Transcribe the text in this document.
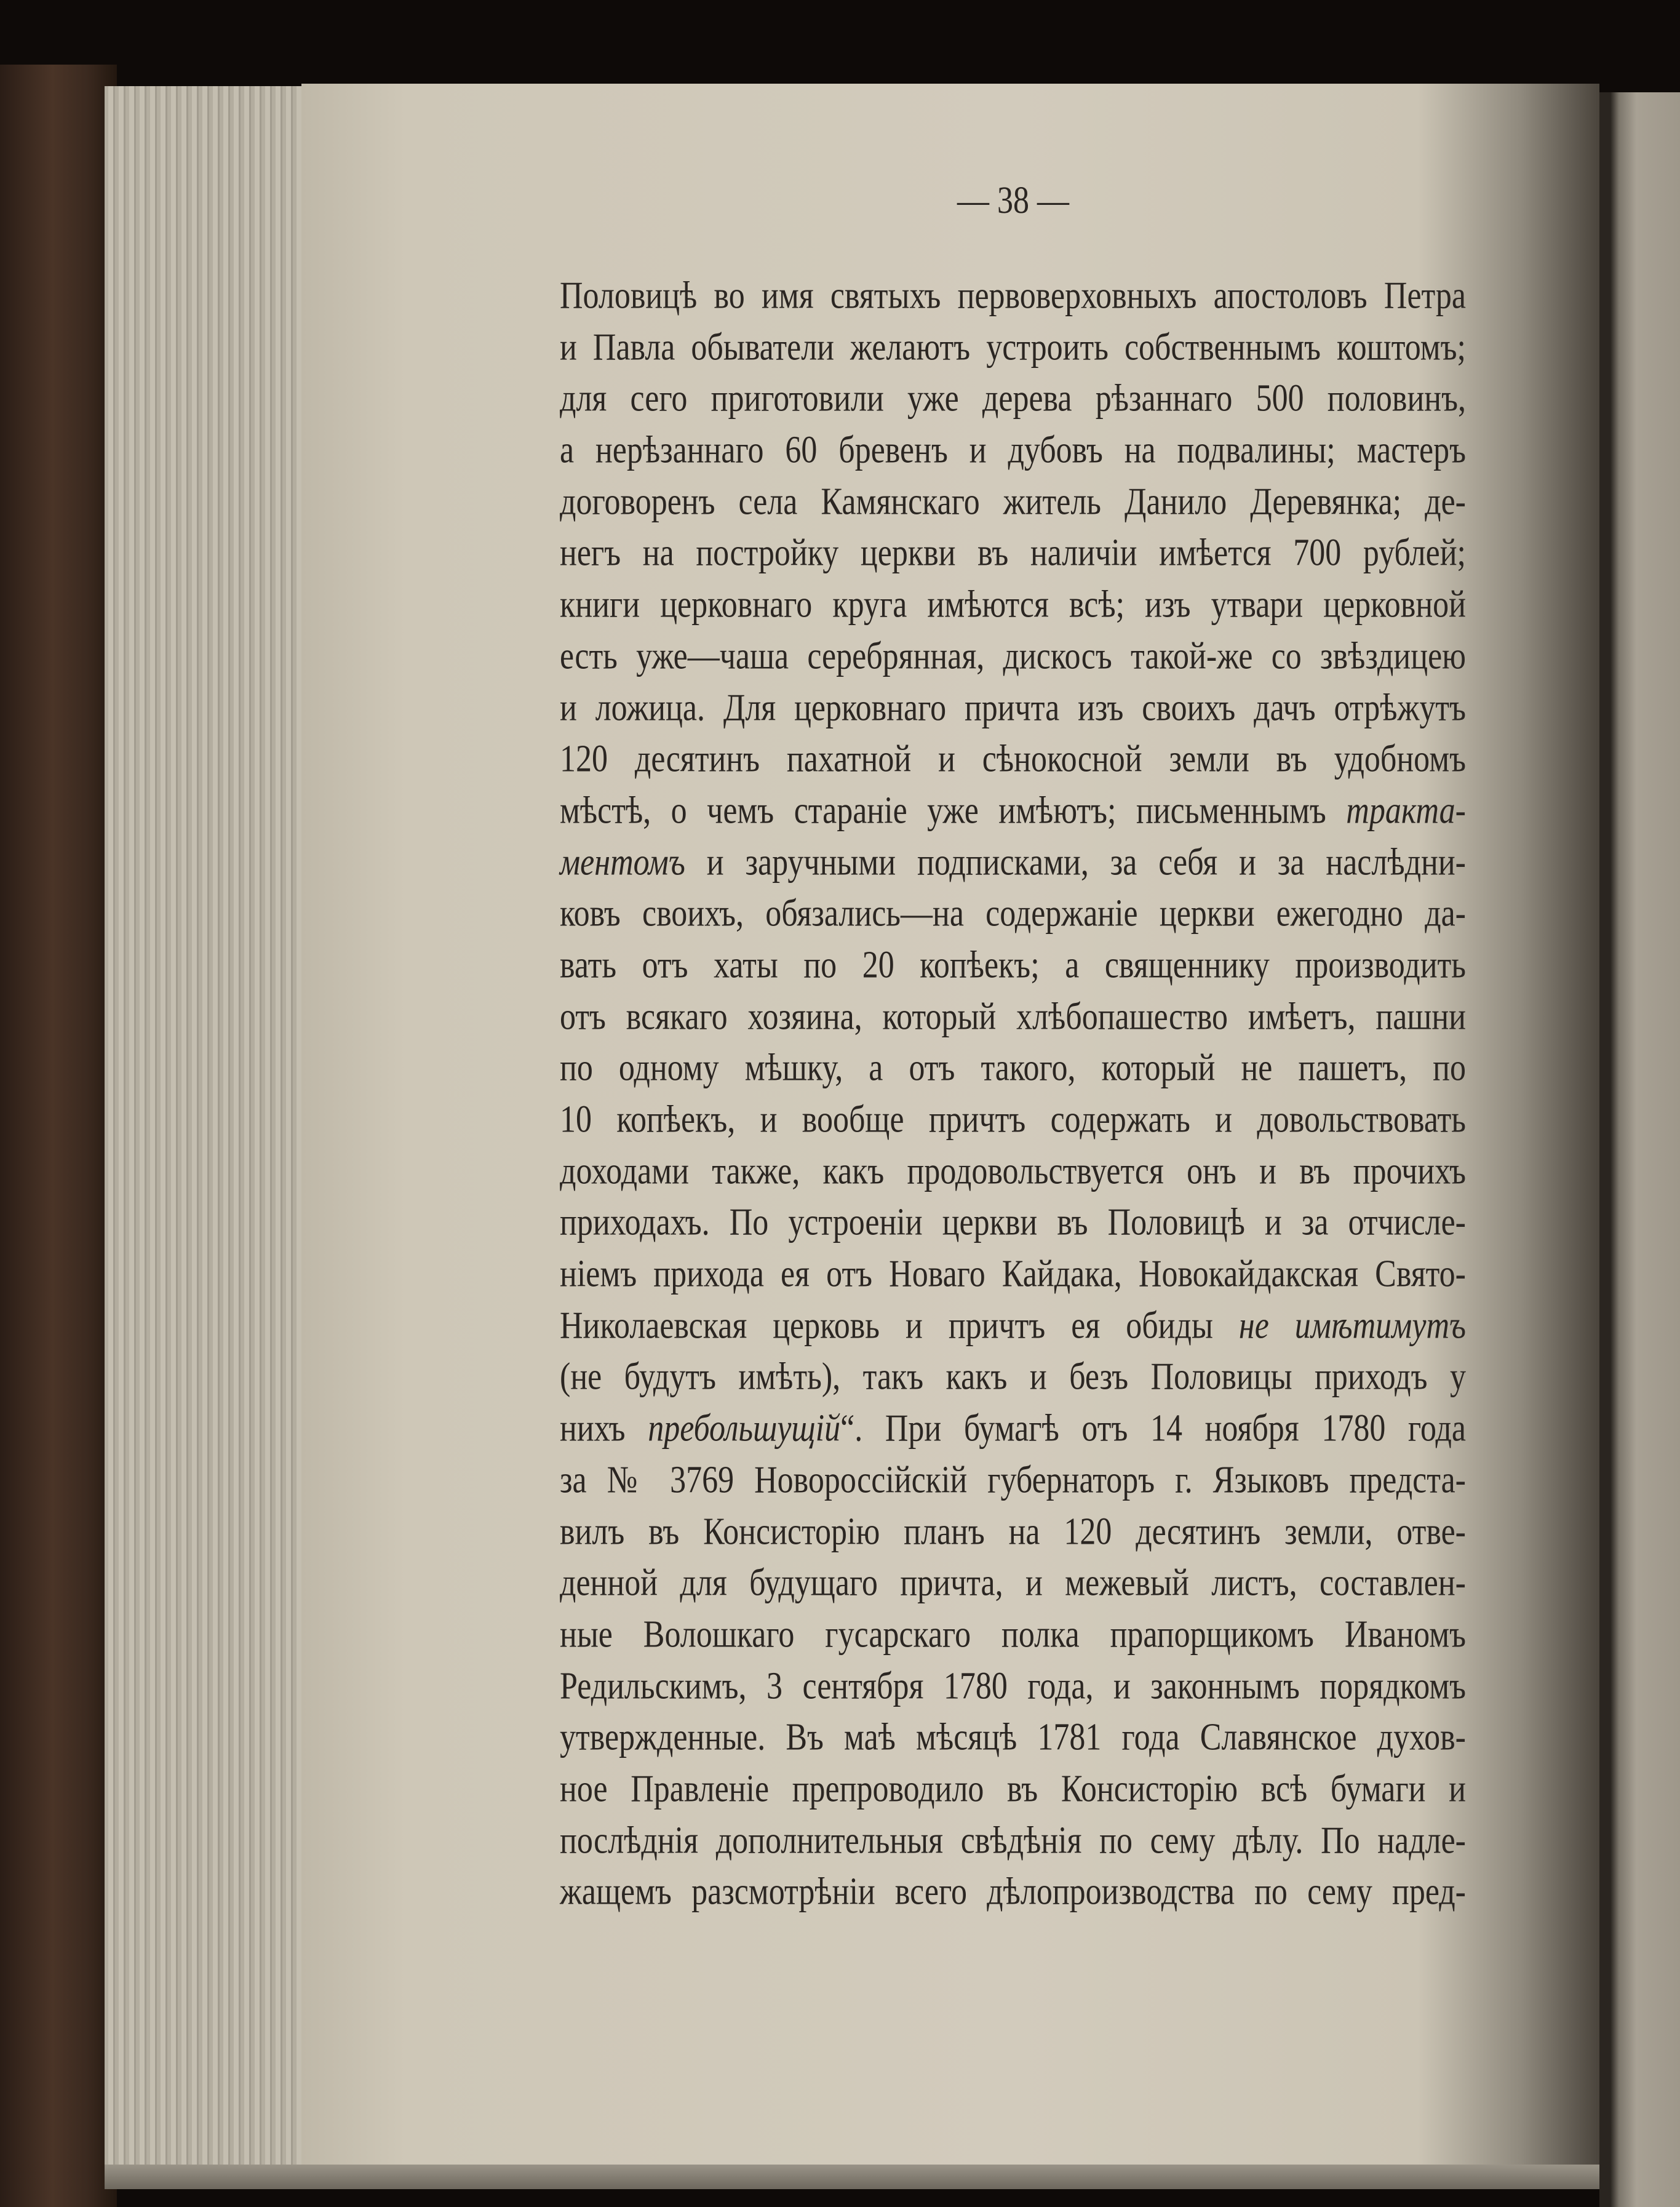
— 38 —
Половицѣ во имя святыхъ первоверховныхъ апостоловъ Петра
и Павла обыватели желаютъ устроить собственнымъ коштомъ;
для сего приготовили уже дерева рѣзаннаго 500 половинъ,
а нерѣзаннаго 60 бревенъ и дубовъ на подвалины; мастеръ
договоренъ села Камянскаго житель Данило Деревянка; де-
негъ на постройку церкви въ наличіи имѣется 700 рублей;
книги церковнаго круга имѣются всѣ; изъ утвари церковной
есть уже—чаша серебрянная, дискосъ такой-же со звѣздицею
и ложица. Для церковнаго причта изъ своихъ дачъ отрѣжутъ
120 десятинъ пахатной и сѣнокосной земли въ удобномъ
мѣстѣ, о чемъ стараніе уже имѣютъ; письменнымъ тракта-
ментомъ и заручными подписками, за себя и за наслѣдни-
ковъ своихъ, обязались—на содержаніе церкви ежегодно да-
вать отъ хаты по 20 копѣекъ; а священнику производить
отъ всякаго хозяина, который хлѣбопашество имѣетъ, пашни
по одному мѣшку, а отъ такого, который не пашетъ, по
10 копѣекъ, и вообще причтъ содержать и довольствовать
доходами также, какъ продовольствуется онъ и въ прочихъ
приходахъ. По устроеніи церкви въ Половицѣ и за отчисле-
ніемъ прихода ея отъ Новаго Кайдака, Новокайдакская Свято-
Николаевская церковь и причтъ ея обиды не имѣтимутъ
(не будутъ имѣть), такъ какъ и безъ Половицы приходъ у
нихъ пребольшущій“. При бумагѣ отъ 14 ноября 1780 года
за № 3769 Новороссійскій губернаторъ г. Языковъ предста-
вилъ въ Консисторію планъ на 120 десятинъ земли, отве-
денной для будущаго причта, и межевый листъ, составлен-
ные Волошкаго гусарскаго полка прапорщикомъ Иваномъ
Редильскимъ, 3 сентября 1780 года, и законнымъ порядкомъ
утвержденные. Въ маѣ мѣсяцѣ 1781 года Славянское духов-
ное Правленіе препроводило въ Консисторію всѣ бумаги и
послѣднія дополнительныя свѣдѣнія по сему дѣлу. По надле-
жащемъ разсмотрѣніи всего дѣлопроизводства по сему пред-
